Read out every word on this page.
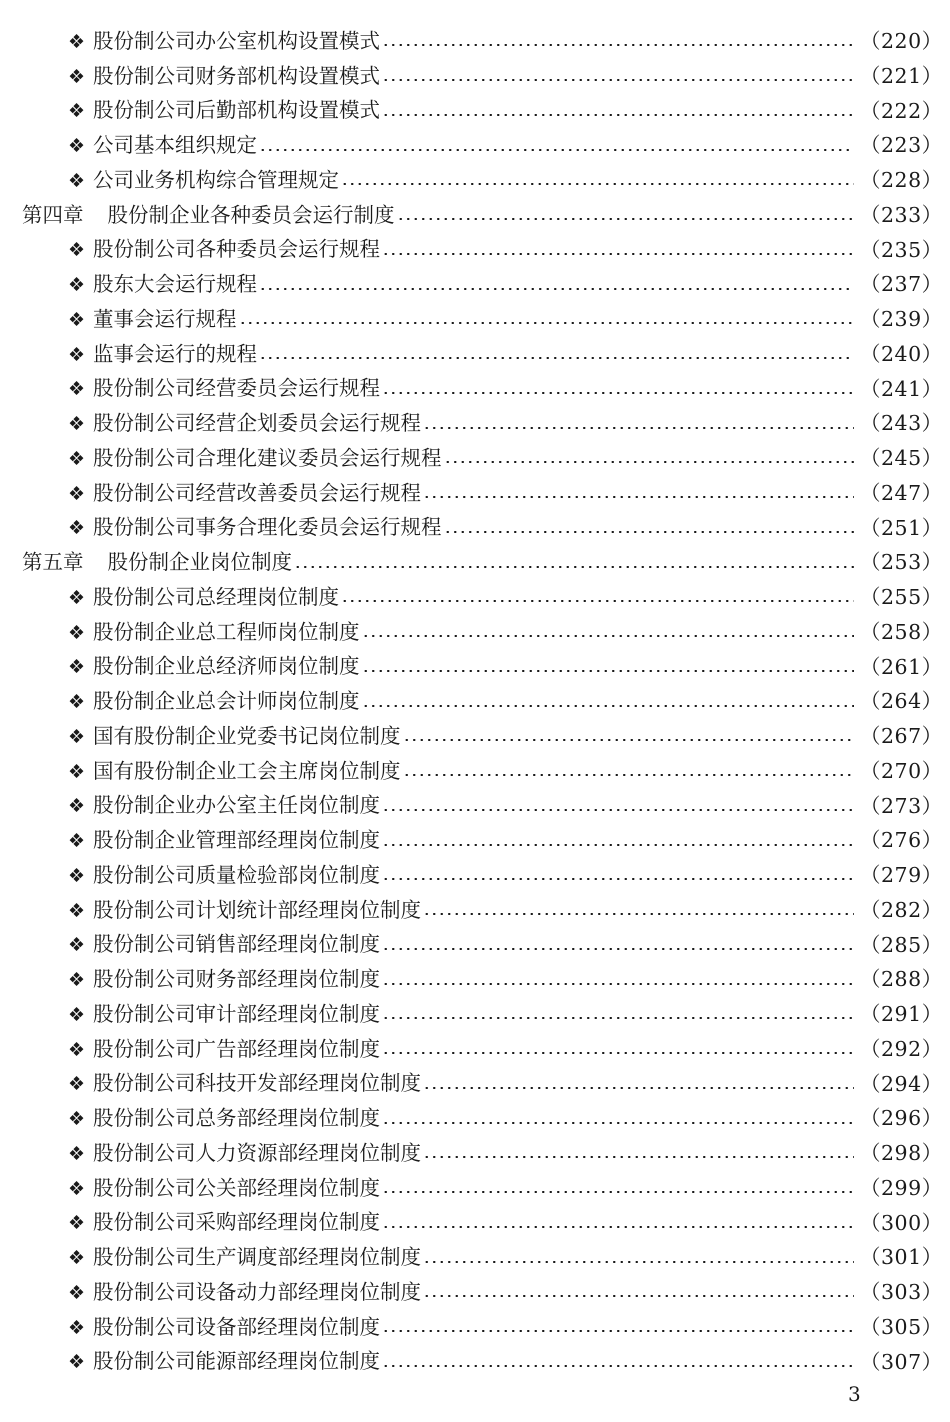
❖ 股份制公司办公室机构设置模式	（220）
❖ 股份制公司财务部机构设置模式	（221）
❖ 股份制公司后勤部机构设置模式	（222）
❖ 公司基本组织规定	（223）
❖ 公司业务机构综合管理规定	（228）
第四章 股份制企业各种委员会运行制度	（233）
❖ 股份制公司各种委员会运行规程	（235）
❖ 股东大会运行规程	（237）
❖ 董事会运行规程	（239）
❖ 监事会运行的规程	（240）
❖ 股份制公司经营委员会运行规程	（241）
❖ 股份制公司经营企划委员会运行规程	（243）
❖ 股份制公司合理化建议委员会运行规程	（245）
❖ 股份制公司经营改善委员会运行规程	（247）
❖ 股份制公司事务合理化委员会运行规程	（251）
第五章 股份制企业岗位制度	（253）
❖ 股份制公司总经理岗位制度	（255）
❖ 股份制企业总工程师岗位制度	（258）
❖ 股份制企业总经济师岗位制度	（261）
❖ 股份制企业总会计师岗位制度	（264）
❖ 国有股份制企业党委书记岗位制度	（267）
❖ 国有股份制企业工会主席岗位制度	（270）
❖ 股份制企业办公室主任岗位制度	（273）
❖ 股份制企业管理部经理岗位制度	（276）
❖ 股份制公司质量检验部岗位制度	（279）
❖ 股份制公司计划统计部经理岗位制度	（282）
❖ 股份制公司销售部经理岗位制度	（285）
❖ 股份制公司财务部经理岗位制度	（288）
❖ 股份制公司审计部经理岗位制度	（291）
❖ 股份制公司广告部经理岗位制度	（292）
❖ 股份制公司科技开发部经理岗位制度	（294）
❖ 股份制公司总务部经理岗位制度	（296）
❖ 股份制公司人力资源部经理岗位制度	（298）
❖ 股份制公司公关部经理岗位制度	（299）
❖ 股份制公司采购部经理岗位制度	（300）
❖ 股份制公司生产调度部经理岗位制度	（301）
❖ 股份制公司设备动力部经理岗位制度	（303）
❖ 股份制公司设备部经理岗位制度	（305）
❖ 股份制公司能源部经理岗位制度	（307）
3
